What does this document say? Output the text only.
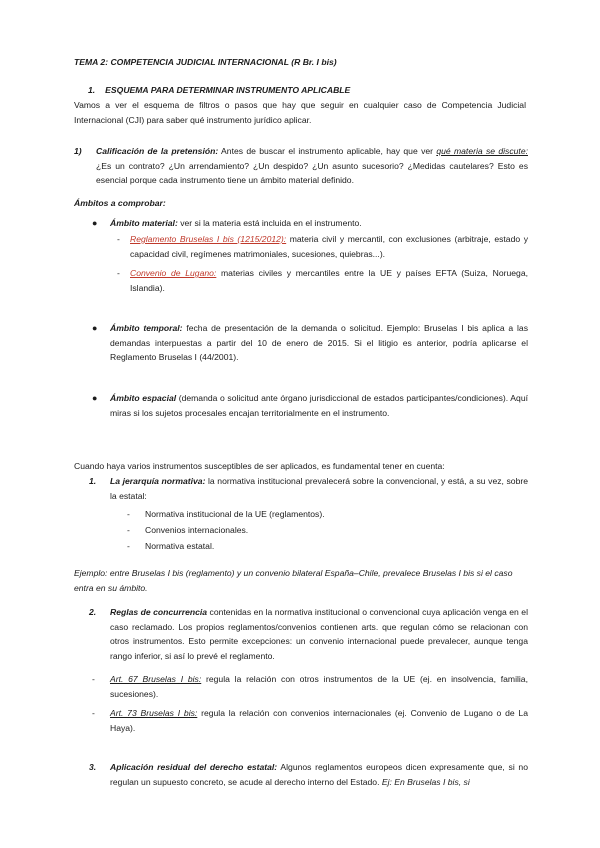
TEMA 2: COMPETENCIA JUDICIAL INTERNACIONAL (R Br. I bis)
1. ESQUEMA PARA DETERMINAR INSTRUMENTO APLICABLE
Vamos a ver el esquema de filtros o pasos que hay que seguir en cualquier caso de Competencia Judicial Internacional (CJI) para saber qué instrumento jurídico aplicar.
1) Calificación de la pretensión: Antes de buscar el instrumento aplicable, hay que ver qué materia se discute: ¿Es un contrato? ¿Un arrendamiento? ¿Un despido? ¿Un asunto sucesorio? ¿Medidas cautelares? Esto es esencial porque cada instrumento tiene un ámbito material definido.
Ámbitos a comprobar:
● Ámbito material: ver si la materia está incluida en el instrumento.
- Reglamento Bruselas I bis (1215/2012): materia civil y mercantil, con exclusiones (arbitraje, estado y capacidad civil, regímenes matrimoniales, sucesiones, quiebras...).
- Convenio de Lugano: materias civiles y mercantiles entre la UE y países EFTA (Suiza, Noruega, Islandia).
● Ámbito temporal: fecha de presentación de la demanda o solicitud. Ejemplo: Bruselas I bis aplica a las demandas interpuestas a partir del 10 de enero de 2015. Si el litigio es anterior, podría aplicarse el Reglamento Bruselas I (44/2001).
● Ámbito espacial (demanda o solicitud ante órgano jurisdiccional de estados participantes/condiciones). Aquí miras si los sujetos procesales encajan territorialmente en el instrumento.
Cuando haya varios instrumentos susceptibles de ser aplicados, es fundamental tener en cuenta:
1. La jerarquía normativa: la normativa institucional prevalecerá sobre la convencional, y está, a su vez, sobre la estatal:
- Normativa institucional de la UE (reglamentos).
- Convenios internacionales.
- Normativa estatal.
Ejemplo: entre Bruselas I bis (reglamento) y un convenio bilateral España–Chile, prevalece Bruselas I bis si el caso entra en su ámbito.
2. Reglas de concurrencia contenidas en la normativa institucional o convencional cuya aplicación venga en el caso reclamado. Los propios reglamentos/convenios contienen arts. que regulan cómo se relacionan con otros instrumentos. Esto permite excepciones: un convenio internacional puede prevalecer, aunque tenga rango inferior, si así lo prevé el reglamento.
- Art. 67 Bruselas I bis: regula la relación con otros instrumentos de la UE (ej. en insolvencia, familia, sucesiones).
- Art. 73 Bruselas I bis: regula la relación con convenios internacionales (ej. Convenio de Lugano o de La Haya).
3. Aplicación residual del derecho estatal: Algunos reglamentos europeos dicen expresamente que, si no regulan un supuesto concreto, se acude al derecho interno del Estado. Ej: En Bruselas I bis, si
